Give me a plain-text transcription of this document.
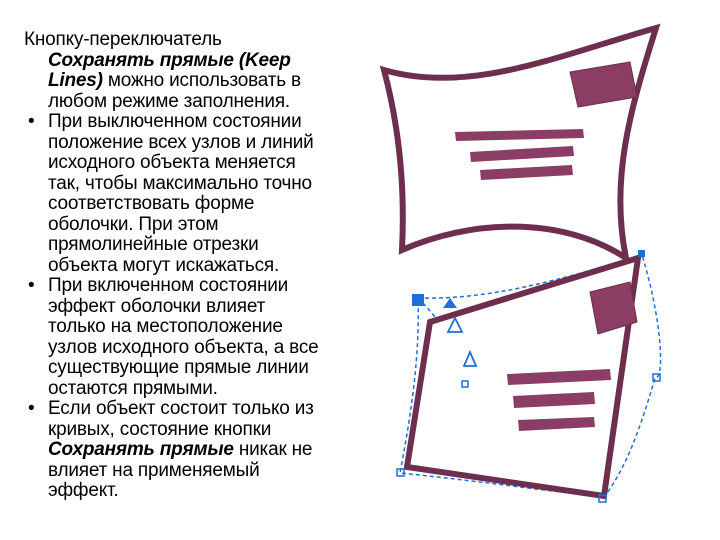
Кнопку-переключатель
Сохранять прямые (Keep
Lines) можно использовать в
любом режиме заполнения.

• При выключенном состоянии
положение всех узлов и линий
исходного объекта меняется
так, чтобы максимально точно
соответствовать форме
оболочки. При этом
прямолинейные отрезки
объекта могут искажаться.
• При включенном состоянии
эффект оболочки влияет
только на местоположение
узлов исходного объекта, а все
существующие прямые линии
остаются прямыми.
• Если объект состоит только из
кривых, состояние кнопки
Сохранять прямые никак не
влияет на применяемый
эффект.
